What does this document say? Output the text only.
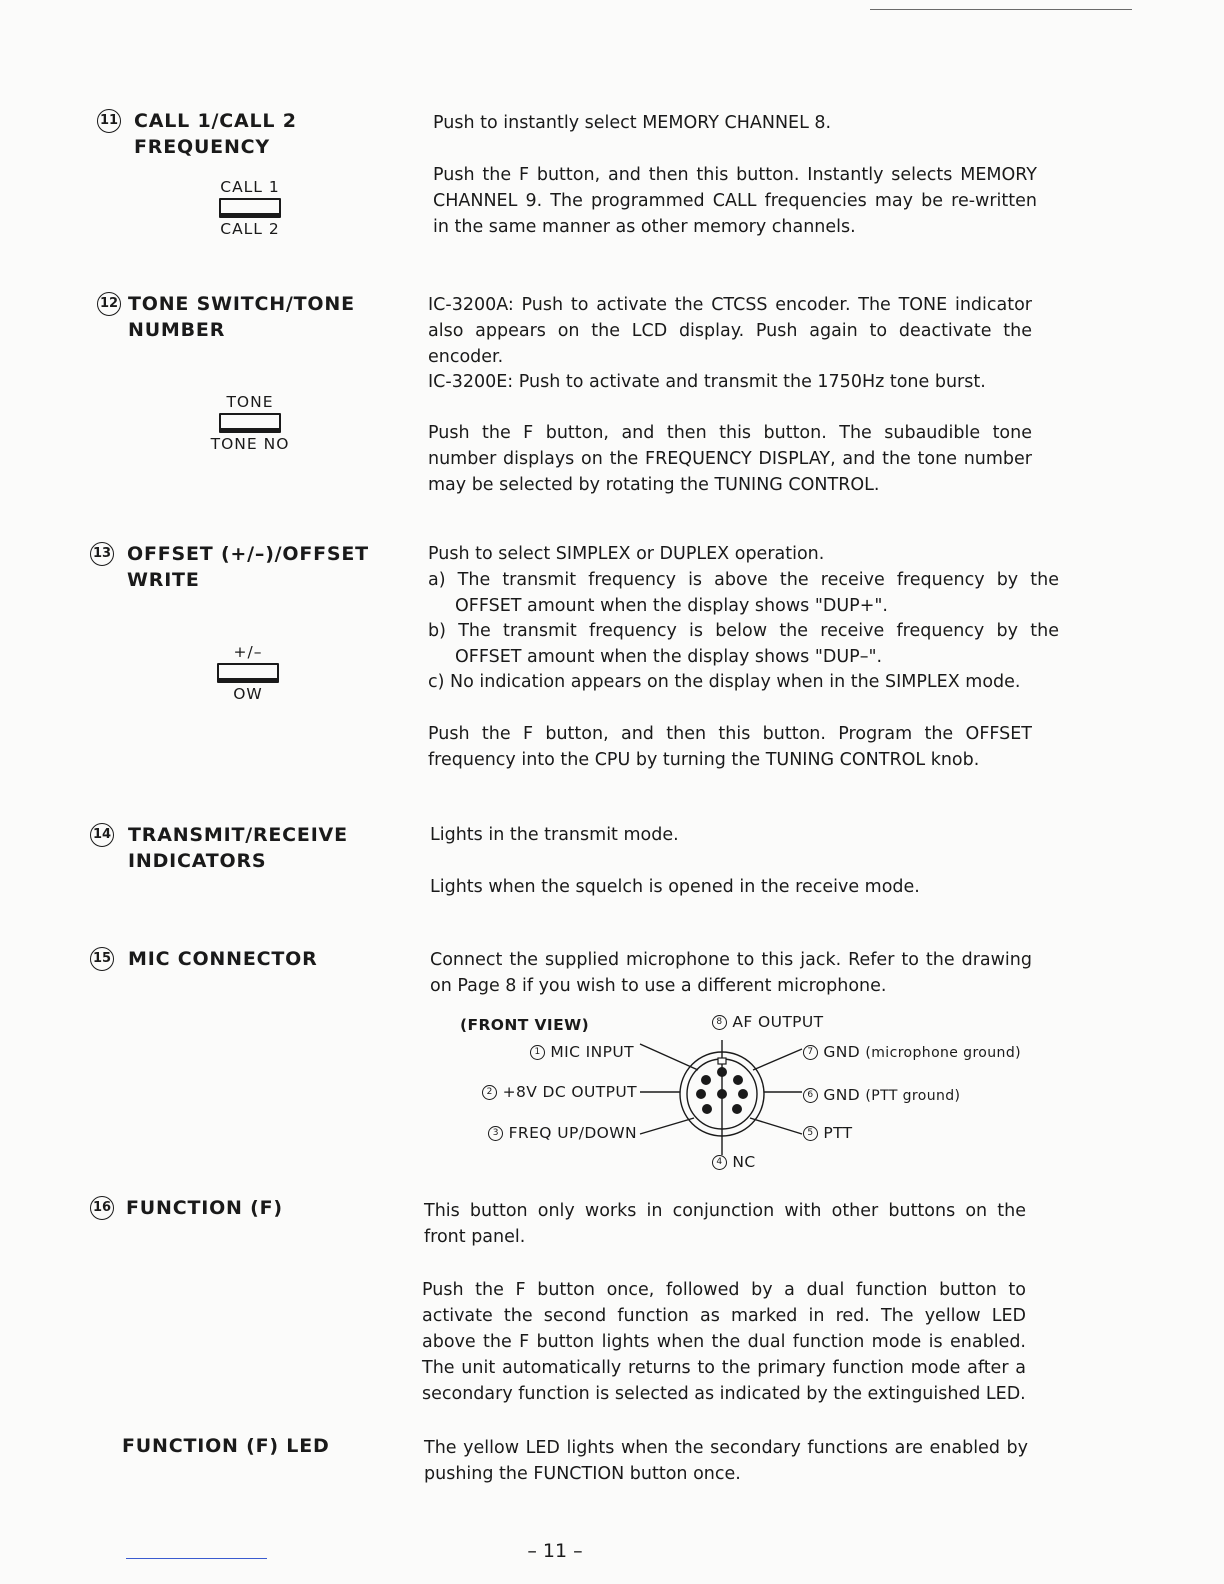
11 CALL 1/CALL 2
FREQUENCY
CALL 1
CALL 2

Push to instantly select MEMORY CHANNEL 8.

Push the F button, and then this button. Instantly selects MEMORY CHANNEL 9. The programmed CALL frequencies may be re-written in the same manner as other memory channels.

12 TONE SWITCH/TONE
NUMBER
TONE
TONE NO

IC-3200A: Push to activate the CTCSS encoder. The TONE indicator also appears on the LCD display. Push again to deactivate the encoder.

IC-3200E: Push to activate and transmit the 1750Hz tone burst.

Push the F button, and then this button. The subaudible tone number displays on the FREQUENCY DISPLAY, and the tone number may be selected by rotating the TUNING CONTROL.

13 OFFSET (+/–)/OFFSET
WRITE
+/–
OW

Push to select SIMPLEX or DUPLEX operation.

a) The transmit frequency is above the receive frequency by the OFFSET amount when the display shows "DUP+".

b) The transmit frequency is below the receive frequency by the OFFSET amount when the display shows "DUP–".

c) No indication appears on the display when in the SIMPLEX mode.

Push the F button, and then this button. Program the OFFSET frequency into the CPU by turning the TUNING CONTROL knob.

14 TRANSMIT/RECEIVE
INDICATORS

Lights in the transmit mode.

Lights when the squelch is opened in the receive mode.

15 MIC CONNECTOR	Connect the supplied microphone to this jack. Refer to the drawing on Page 8 if you wish to use a different microphone.

(FRONT VIEW)	8 AF OUTPUT
1 MIC INPUT	7 GND (microphone ground)
2 +8V DC OUTPUT	6 GND (PTT ground)
3 FREQ UP/DOWN	5 PTT
4 NC
16 FUNCTION (F)	This button only works in conjunction with other buttons on the front panel.

Push the F button once, followed by a dual function button to activate the second function as marked in red. The yellow LED above the F button lights when the dual function mode is enabled. The unit automatically returns to the primary function mode after a secondary function is selected as indicated by the extinguished LED.

FUNCTION (F) LED	The yellow LED lights when the secondary functions are enabled by pushing the FUNCTION button once.

– 11 –
